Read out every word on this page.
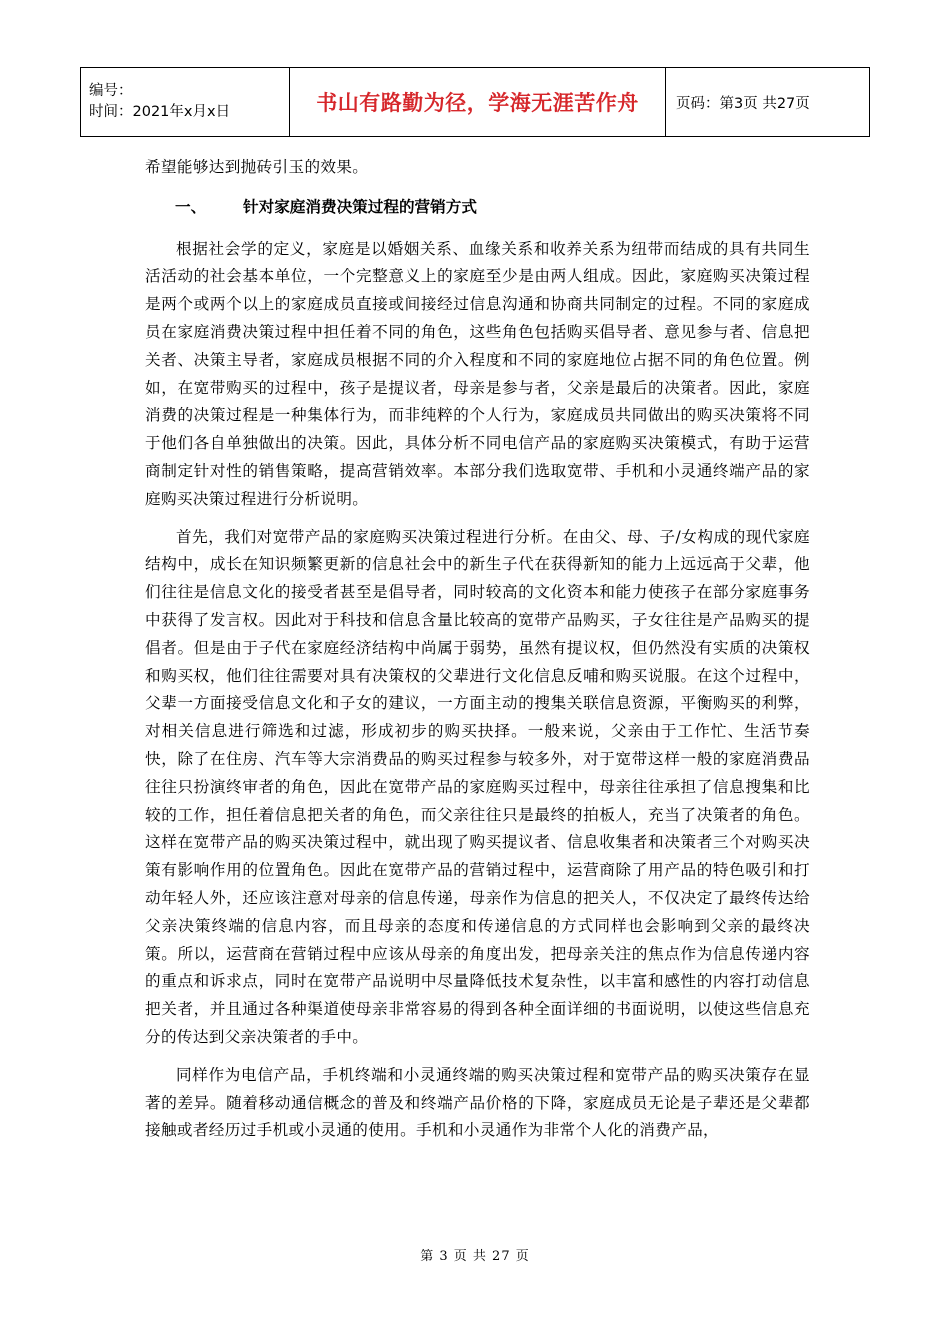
编号：
时间：2021年x月x日	书山有路勤为径，学海无涯苦作舟	页码：第3页 共27页

希望能够达到抛砖引玉的效果。

一、	针对家庭消费决策过程的营销方式

根据社会学的定义，家庭是以婚姻关系、血缘关系和收养关系为纽带而结成的具有共同生活活动的社会基本单位，一个完整意义上的家庭至少是由两人组成。因此，家庭购买决策过程是两个或两个以上的家庭成员直接或间接经过信息沟通和协商共同制定的过程。不同的家庭成员在家庭消费决策过程中担任着不同的角色，这些角色包括购买倡导者、意见参与者、信息把关者、决策主导者，家庭成员根据不同的介入程度和不同的家庭地位占据不同的角色位置。例如，在宽带购买的过程中，孩子是提议者，母亲是参与者，父亲是最后的决策者。因此，家庭消费的决策过程是一种集体行为，而非纯粹的个人行为，家庭成员共同做出的购买决策将不同于他们各自单独做出的决策。因此，具体分析不同电信产品的家庭购买决策模式，有助于运营商制定针对性的销售策略，提高营销效率。本部分我们选取宽带、手机和小灵通终端产品的家庭购买决策过程进行分析说明。

首先，我们对宽带产品的家庭购买决策过程进行分析。在由父、母、子/女构成的现代家庭结构中，成长在知识频繁更新的信息社会中的新生子代在获得新知的能力上远远高于父辈，他们往往是信息文化的接受者甚至是倡导者，同时较高的文化资本和能力使孩子在部分家庭事务中获得了发言权。因此对于科技和信息含量比较高的宽带产品购买，子女往往是产品购买的提倡者。但是由于子代在家庭经济结构中尚属于弱势，虽然有提议权，但仍然没有实质的决策权和购买权，他们往往需要对具有决策权的父辈进行文化信息反哺和购买说服。在这个过程中，父辈一方面接受信息文化和子女的建议，一方面主动的搜集关联信息资源，平衡购买的利弊，对相关信息进行筛选和过滤，形成初步的购买抉择。一般来说，父亲由于工作忙、生活节奏快，除了在住房、汽车等大宗消费品的购买过程参与较多外，对于宽带这样一般的家庭消费品往往只扮演终审者的角色，因此在宽带产品的家庭购买过程中，母亲往往承担了信息搜集和比较的工作，担任着信息把关者的角色，而父亲往往只是最终的拍板人，充当了决策者的角色。这样在宽带产品的购买决策过程中，就出现了购买提议者、信息收集者和决策者三个对购买决策有影响作用的位置角色。因此在宽带产品的营销过程中，运营商除了用产品的特色吸引和打动年轻人外，还应该注意对母亲的信息传递，母亲作为信息的把关人，不仅决定了最终传达给父亲决策终端的信息内容，而且母亲的态度和传递信息的方式同样也会影响到父亲的最终决策。所以，运营商在营销过程中应该从母亲的角度出发，把母亲关注的焦点作为信息传递内容的重点和诉求点，同时在宽带产品说明中尽量降低技术复杂性，以丰富和感性的内容打动信息把关者，并且通过各种渠道使母亲非常容易的得到各种全面详细的书面说明，以使这些信息充分的传达到父亲决策者的手中。

同样作为电信产品，手机终端和小灵通终端的购买决策过程和宽带产品的购买决策存在显著的差异。随着移动通信概念的普及和终端产品价格的下降，家庭成员无论是子辈还是父辈都接触或者经历过手机或小灵通的使用。手机和小灵通作为非常个人化的消费产品，

第 3 页 共 27 页
